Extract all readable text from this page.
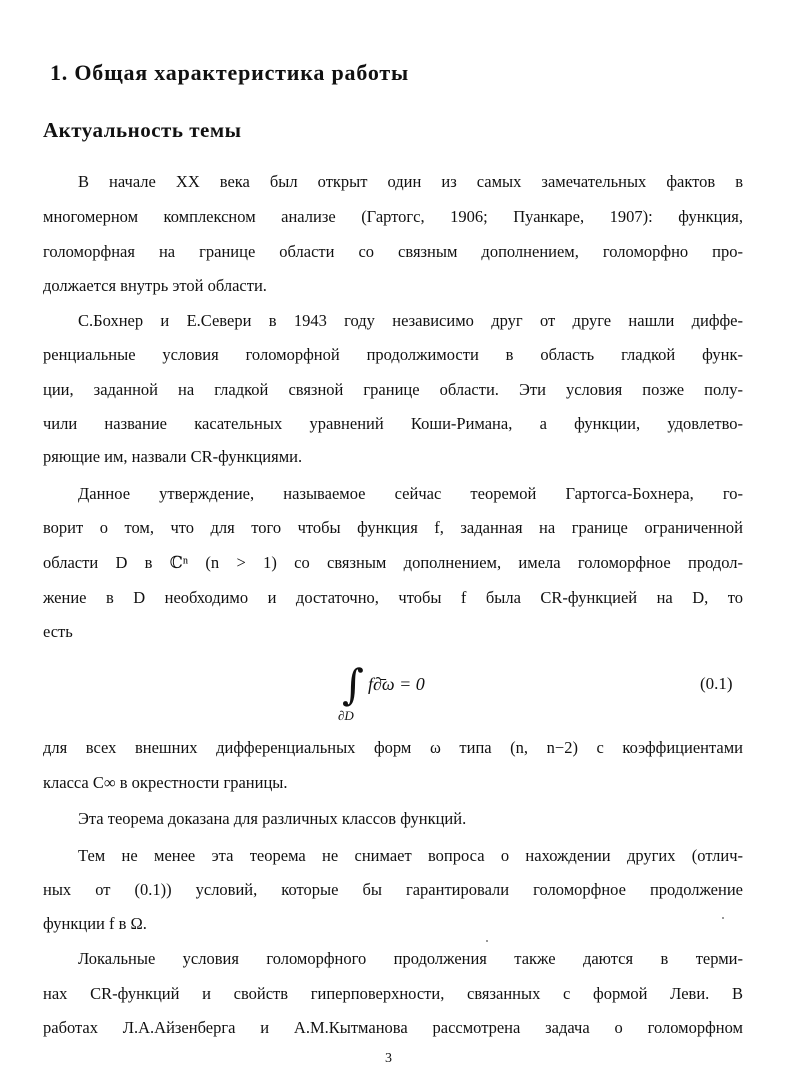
1. Общая характеристика работы
Актуальность темы
В начале XX века был открыт один из самых замечательных фактов в
многомерном комплексном анализе (Гартогс, 1906; Пуанкаре, 1907): функция,
голоморфная на границе области со связным дополнением, голоморфно про-
должается внутрь этой области.
С.Бохнер и Е.Севери в 1943 году независимо друг от друге нашли диффе-
ренциальные условия голоморфной продолжимости в область гладкой функ-
ции, заданной на гладкой связной границе области. Эти условия позже полу-
чили название касательных уравнений Коши-Римана, а функции, удовлетво-
ряющие им, назвали CR-функциями.
Данное утверждение, называемое сейчас теоремой Гартогса-Бохнера, го-
ворит о том, что для того чтобы функция f, заданная на границе ограниченной
области D в ℂⁿ (n > 1) со связным дополнением, имела голоморфное продол-
жение в D необходимо и достаточно, чтобы f была CR-функцией на D, то
есть
∫
∂D
f∂̄ω = 0	(0.1)
для всех внешних дифференциальных форм ω типа (n, n−2) с коэффициентами
класса C∞ в окрестности границы.
Эта теорема доказана для различных классов функций.
Тем не менее эта теорема не снимает вопроса о нахождении других (отлич-
ных от (0.1)) условий, которые бы гарантировали голоморфное продолжение
функции f в Ω.
Локальные условия голоморфного продолжения также даются в терми-
нах CR-функций и свойств гиперповерхности, связанных с формой Леви. В
работах Л.А.Айзенберга и А.М.Кытманова рассмотрена задача о голоморфном
3
